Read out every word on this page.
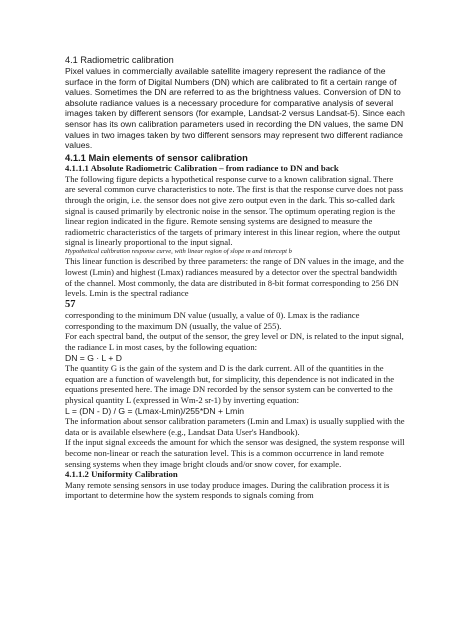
4.1 Radiometric calibration

Pixel values in commercially available satellite imagery represent the radiance of the surface in the form of Digital Numbers (DN) which are calibrated to fit a certain range of values. Sometimes the DN are referred to as the brightness values. Conversion of DN to absolute radiance values is a necessary procedure for comparative analysis of several images taken by different sensors (for example, Landsat-2 versus Landsat-5). Since each sensor has its own calibration parameters used in recording the DN values, the same DN values in two images taken by two different sensors may represent two different radiance values.

4.1.1 Main elements of sensor calibration
4.1.1.1 Absolute Radiometric Calibration – from radiance to DN and back

The following figure depicts a hypothetical response curve to a known calibration signal. There are several common curve characteristics to note. The first is that the response curve does not pass through the origin, i.e. the sensor does not give zero output even in the dark. This so-called dark signal is caused primarily by electronic noise in the sensor. The optimum operating region is the linear region indicated in the figure. Remote sensing systems are designed to measure the radiometric characteristics of the targets of primary interest in this linear region, where the output signal is linearly proportional to the input signal.

Hypothetical calibration response curve, with linear region of slope m and intercept b

This linear function is described by three parameters: the range of DN values in the image, and the lowest (Lmin) and highest (Lmax) radiances measured by a detector over the spectral bandwidth of the channel. Most commonly, the data are distributed in 8-bit format corresponding to 256 DN levels. Lmin is the spectral radiance

57

corresponding to the minimum DN value (usually, a value of 0). Lmax is the radiance corresponding to the maximum DN (usually, the value of 255).

For each spectral band, the output of the sensor, the grey level or DN, is related to the input signal, the radiance L in most cases, by the following equation:

DN = G · L + D

The quantity G is the gain of the system and D is the dark current. All of the quantities in the equation are a function of wavelength but, for simplicity, this dependence is not indicated in the equations presented here. The image DN recorded by the sensor system can be converted to the physical quantity L (expressed in Wm-2 sr-1) by inverting equation:

L = (DN - D) / G = (Lmax-Lmin)/255*DN + Lmin

The information about sensor calibration parameters (Lmin and Lmax) is usually supplied with the data or is available elsewhere (e.g., Landsat Data User's Handbook).

If the input signal exceeds the amount for which the sensor was designed, the system response will become non-linear or reach the saturation level. This is a common occurrence in land remote sensing systems when they image bright clouds and/or snow cover, for example.

4.1.1.2 Uniformity Calibration

Many remote sensing sensors in use today produce images. During the calibration process it is important to determine how the system responds to signals coming from
